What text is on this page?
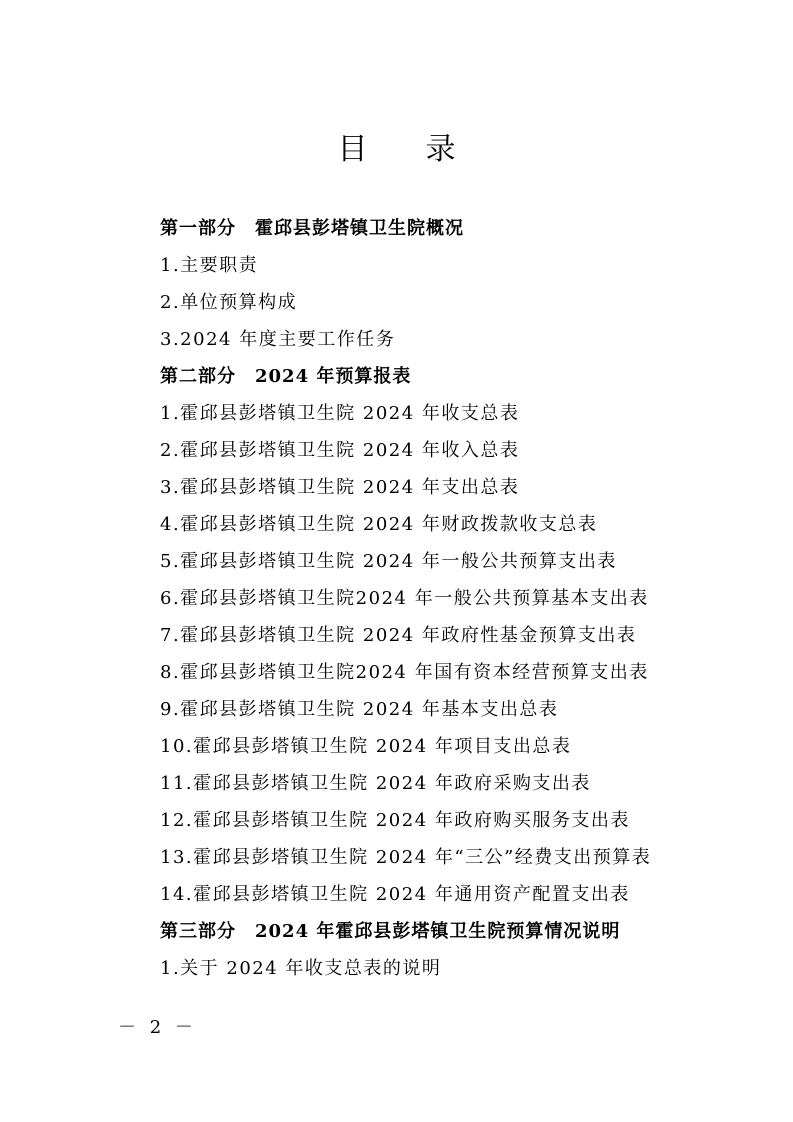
目录
第一部分　霍邱县彭塔镇卫生院概况
1.主要职责
2.单位预算构成
3.2024 年度主要工作任务
第二部分　2024 年预算报表
1.霍邱县彭塔镇卫生院 2024 年收支总表
2.霍邱县彭塔镇卫生院 2024 年收入总表
3.霍邱县彭塔镇卫生院 2024 年支出总表
4.霍邱县彭塔镇卫生院 2024 年财政拨款收支总表
5.霍邱县彭塔镇卫生院 2024 年一般公共预算支出表
6.霍邱县彭塔镇卫生院2024 年一般公共预算基本支出表
7.霍邱县彭塔镇卫生院 2024 年政府性基金预算支出表
8.霍邱县彭塔镇卫生院2024 年国有资本经营预算支出表
9.霍邱县彭塔镇卫生院 2024 年基本支出总表
10.霍邱县彭塔镇卫生院 2024 年项目支出总表
11.霍邱县彭塔镇卫生院 2024 年政府采购支出表
12.霍邱县彭塔镇卫生院 2024 年政府购买服务支出表
13.霍邱县彭塔镇卫生院 2024 年“三公”经费支出预算表
14.霍邱县彭塔镇卫生院 2024 年通用资产配置支出表
第三部分　2024 年霍邱县彭塔镇卫生院预算情况说明
1.关于 2024 年收支总表的说明
－ 2 －
